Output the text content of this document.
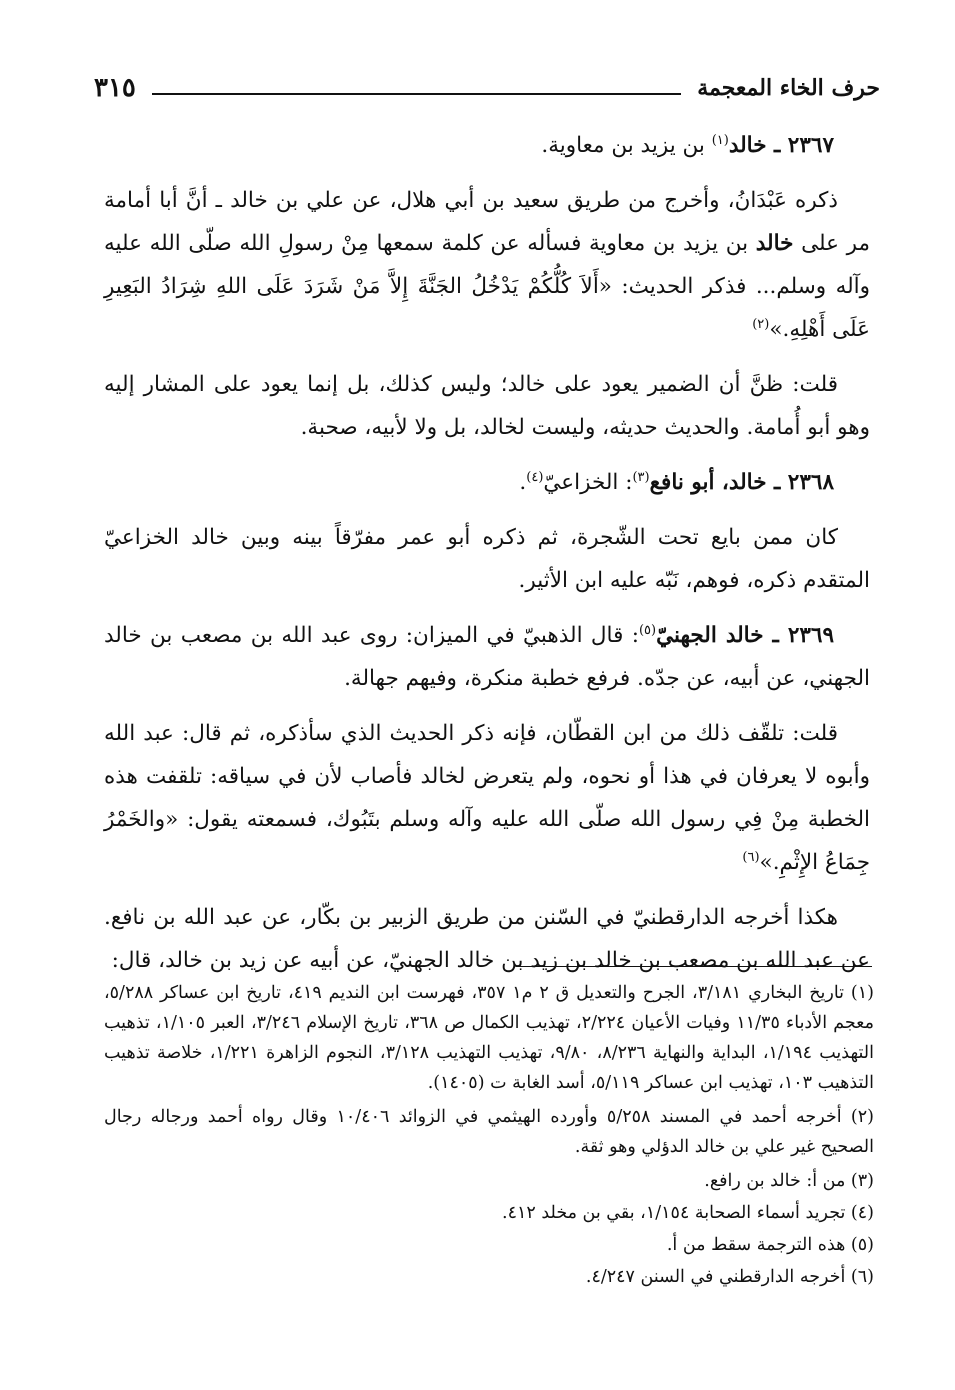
حرف الخاء المعجمة
٣١٥

٢٣٦٧ ـ خالد$^{(١)}$ بن يزيد بن معاوية.

ذكره عَبْدَانُ، وأخرج من طريق سعيد بن أبي هلال، عن علي بن خالد ـ أنَّ أبا أمامة مر على خالد بن يزيد بن معاوية فسأله عن كلمة سمعها مِنْ رسولِ الله صلّى الله عليه وآله وسلم... فذكر الحديث: «أَلاَ كُلُّكُمْ يَدْخُلُ الجَنَّةَ إِلاَّ مَنْ شَرَدَ عَلَى اللهِ شِرَادُ البَعِيرِ عَلَى أَهْلِهِ.»$^{(٢)}$

قلت: ظنَّ أن الضمير يعود على خالد؛ وليس كذلك، بل إنما يعود على المشار إليه وهو أبو أُمامة. والحديث حديثه، وليست لخالد، بل ولا لأبيه، صحبة.

٢٣٦٨ ـ خالد، أبو نافع$^{(٣)}$: الخزاعيّ$^{(٤)}$.

كان ممن بايع تحت الشّجرة، ثم ذكره أبو عمر مفرّقاً بينه وبين خالد الخزاعيّ المتقدم ذكره، فوهم، نَبّه عليه ابن الأثير.

٢٣٦٩ ـ خالد الجهنيّ$^{(٥)}$: قال الذهبيّ في الميزان: روى عبد الله بن مصعب بن خالد الجهني، عن أبيه، عن جدّه. فرفع خطبة منكرة، وفيهم جهالة.

قلت: تلقّف ذلك من ابن القطّان، فإنه ذكر الحديث الذي سأذكره، ثم قال: عبد الله وأبوه لا يعرفان في هذا أو نحوه، ولم يتعرض لخالد فأصاب لأن في سياقه: تلقفت هذه الخطبة مِنْ فِي رسول الله صلّى الله عليه وآله وسلم بتَبُوك، فسمعته يقول: «والخَمْرُ جِمَاعُ الإِثْمِ.»$^{(٦)}$

هكذا أخرجه الدارقطنيّ في السّنن من طريق الزبير بن بكّار، عن عبد الله بن نافع. عن عبد الله بن مصعب بن خالد بن زيد بن خالد الجهنيّ، عن أبيه عن زيد بن خالد، قال:

(١) تاريخ البخاري ٣/١٨١، الجرح والتعديل ق ٢ م١ ٣٥٧، فهرست ابن النديم ٤١٩، تاريخ ابن عساكر ٥/٢٨٨، معجم الأدباء ١١/٣٥ وفيات الأعيان ٢/٢٢٤، تهذيب الكمال ص ٣٦٨، تاريخ الإسلام ٣/٢٤٦، العبر ١/١٠٥، تذهيب التهذيب ١/١٩٤، البداية والنهاية ٨/٢٣٦، ٩/٨٠، تهذيب التهذيب ٣/١٢٨، النجوم الزاهرة ١/٢٢١، خلاصة تذهيب التذهيب ١٠٣، تهذيب ابن عساكر ٥/١١٩، أسد الغابة ت (١٤٠٥).
(٢) أخرجه أحمد في المسند ٥/٢٥٨ وأورده الهيثمي في الزوائد ١٠/٤٠٦ وقال رواه أحمد ورجاله رجال الصحيح غير علي بن خالد الدؤلي وهو ثقة.
(٣) من أ: خالد بن رافع.
(٤) تجريد أسماء الصحابة ١/١٥٤، بقي بن مخلد ٤١٢.
(٥) هذه الترجمة سقط من أ.
(٦) أخرجه الدارقطني في السنن ٤/٢٤٧.
